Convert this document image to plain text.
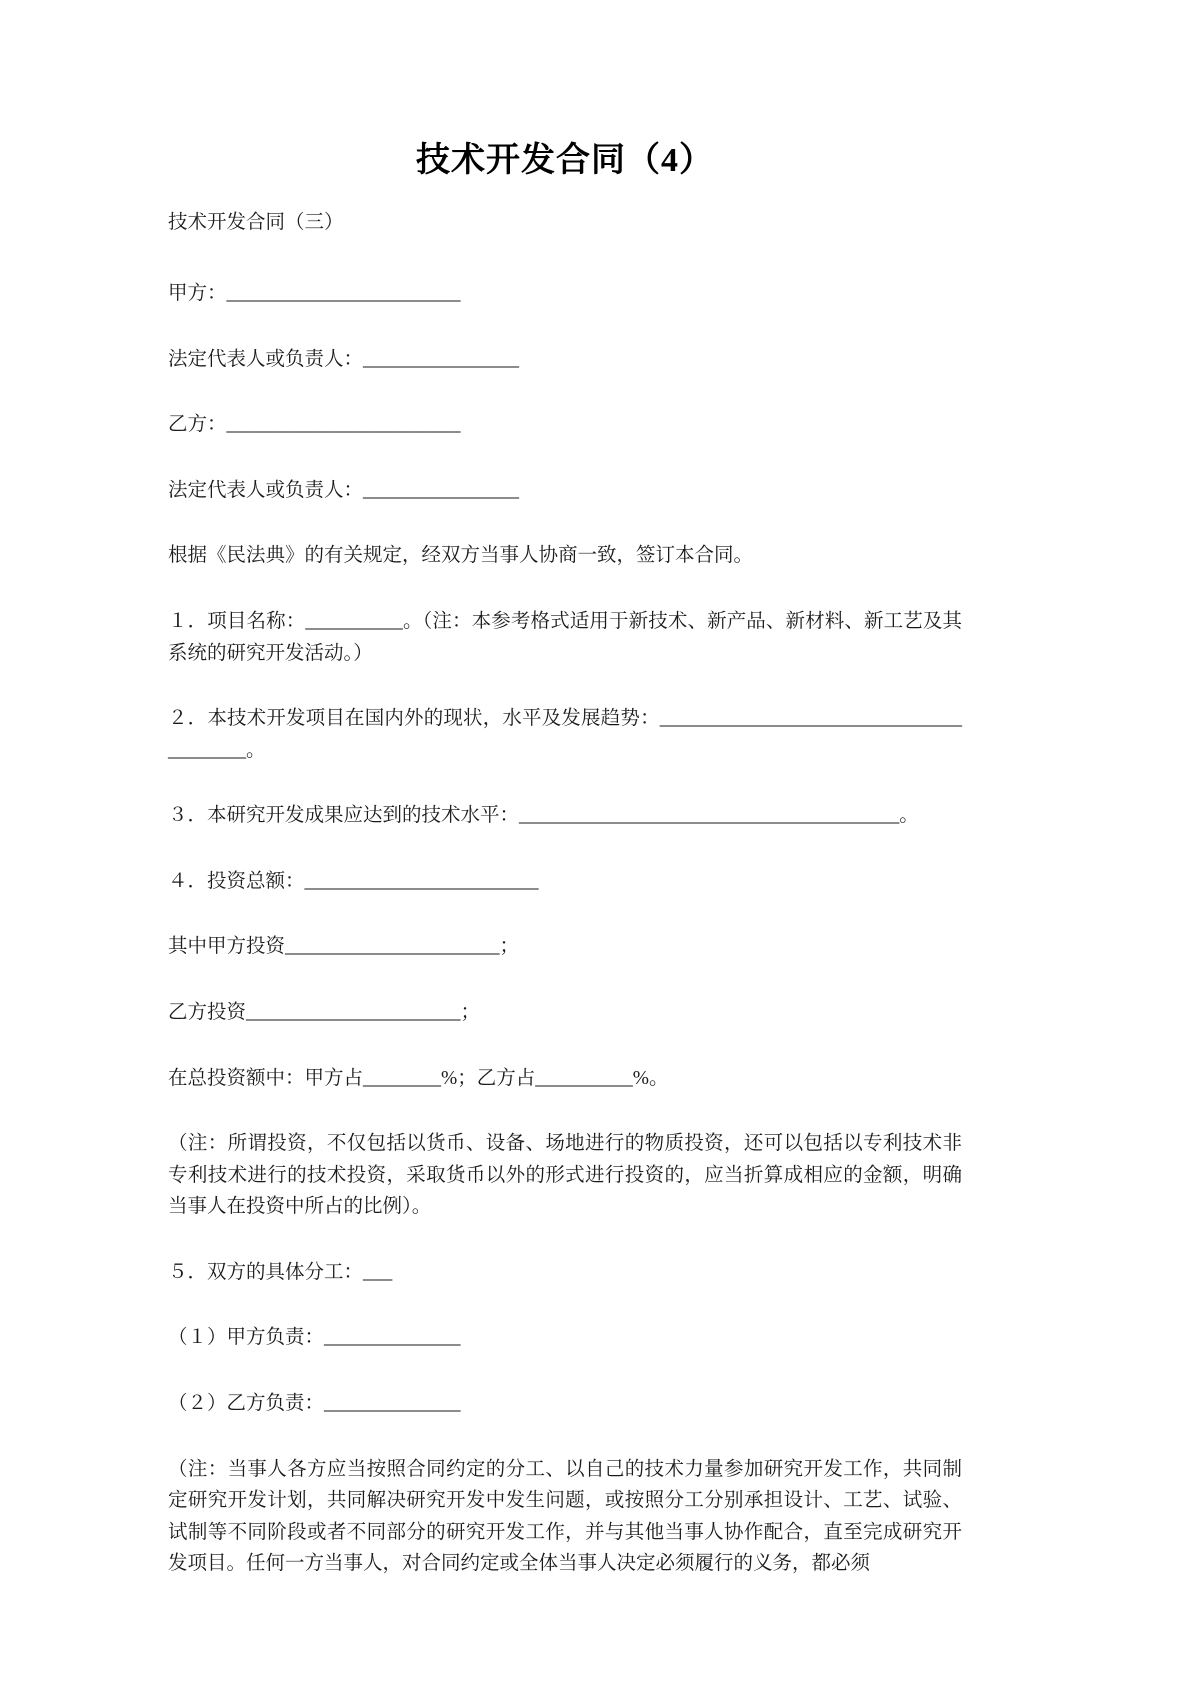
技术开发合同（4）

技术开发合同（三）

甲方：________________________

法定代表人或负责人：________________

乙方：________________________

法定代表人或负责人：________________

根据《民法典》的有关规定，经双方当事人协商一致，签订本合同。

１．项目名称：__________。（注：本参考格式适用于新技术、新产品、新材料、新工艺及其系统的研究开发活动。）

２．本技术开发项目在国内外的现状，水平及发展趋势：_______________________________________。

３．本研究开发成果应达到的技术水平：_______________________________________。

４．投资总额：________________________

其中甲方投资______________________；

乙方投资______________________；

在总投资额中：甲方占________%；乙方占__________%。

（注：所谓投资，不仅包括以货币、设备、场地进行的物质投资，还可以包括以专利技术非专利技术进行的技术投资，采取货币以外的形式进行投资的，应当折算成相应的金额，明确当事人在投资中所占的比例）。

５．双方的具体分工：___

（１）甲方负责：______________

（２）乙方负责：______________

（注：当事人各方应当按照合同约定的分工、以自己的技术力量参加研究开发工作，共同制定研究开发计划，共同解决研究开发中发生问题，或按照分工分别承担设计、工艺、试验、试制等不同阶段或者不同部分的研究开发工作，并与其他当事人协作配合，直至完成研究开发项目。任何一方当事人，对合同约定或全体当事人决定必须履行的义务，都必须
